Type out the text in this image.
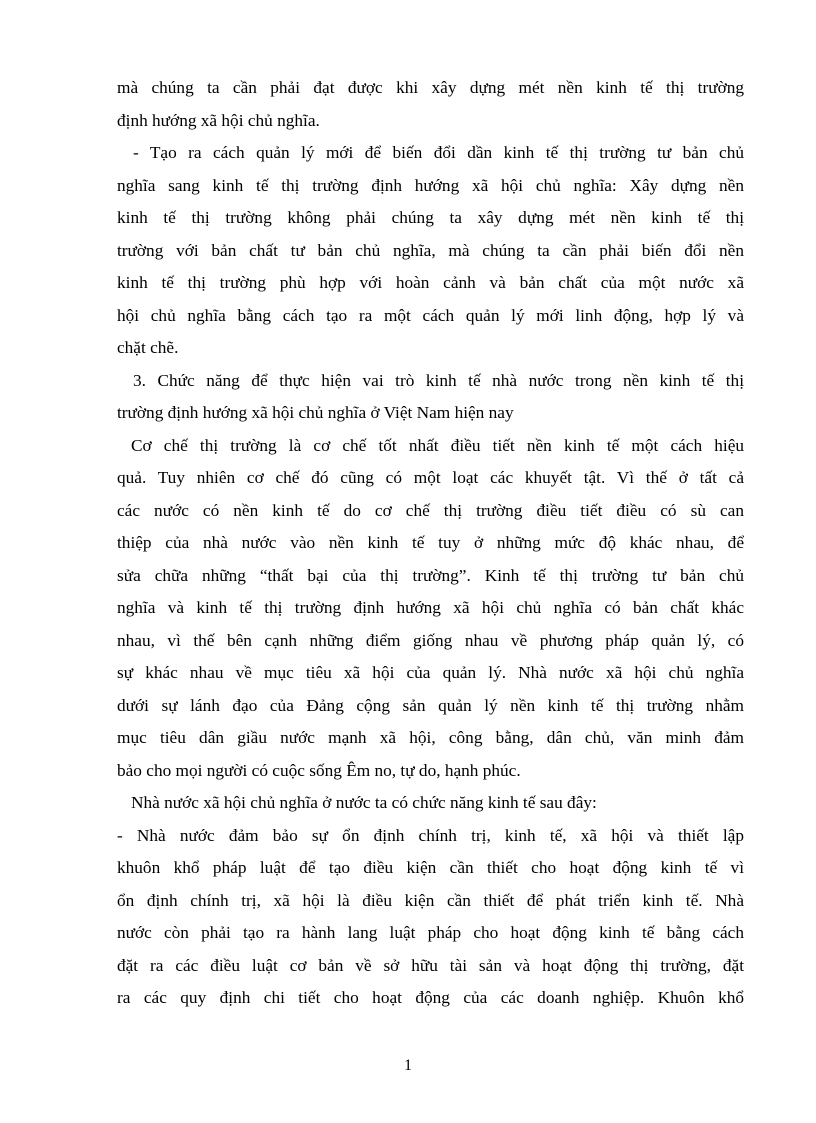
mà chúng ta cần phải đạt được khi xây dựng mét nền kinh tế thị trường
định hướng xã hội chủ nghĩa.
- Tạo ra cách quản lý mới để biến đổi dần kinh tế thị trường tư bản chủ
nghĩa sang kinh tế thị trường định hướng xã hội chủ nghĩa: Xây dựng nền
kinh tế thị trường không phải chúng ta xây dựng mét nền kinh tế thị
trường với bản chất tư bản chủ nghĩa, mà chúng ta cần phải biến đổi nền
kinh tế thị trường phù hợp với hoàn cảnh và bản chất của một nước xã
hội chủ nghĩa bằng cách tạo ra một cách quản lý mới linh động, hợp lý và
chặt chẽ.
3. Chức năng để thực hiện vai trò kinh tế nhà nước trong nền kinh tế thị
trường định hướng xã hội chủ nghĩa ở Việt Nam hiện nay
Cơ chế thị trường là cơ chế tốt nhất điều tiết nền kinh tế một cách hiệu
quả. Tuy nhiên cơ chế đó cũng có một loạt các khuyết tật. Vì thế ở tất cả
các nước có nền kinh tế do cơ chế thị trường điều tiết điều có sù can
thiệp của nhà nước vào nền kinh tế tuy ở những mức độ khác nhau, để
sửa chữa những “thất bại của thị trường”. Kinh tế thị trường tư bản chủ
nghĩa và kinh tế thị trường định hướng xã hội chủ nghĩa có bản chất khác
nhau, vì thế bên cạnh những điểm giống nhau về phương pháp quản lý, có
sự khác nhau về mục tiêu xã hội của quản lý. Nhà nước xã hội chủ nghĩa
dưới sự lánh đạo của Đảng cộng sản quản lý nền kinh tế thị trường nhằm
mục tiêu dân giầu nước mạnh xã hội, công bằng, dân chủ, văn minh đảm
bảo cho mọi người có cuộc sống Êm no, tự do, hạnh phúc.
Nhà nước xã hội chủ nghĩa ở nước ta có chức năng kinh tế sau đây:
- Nhà nước đảm bảo sự ổn định chính trị, kinh tế, xã hội và thiết lập
khuôn khổ pháp luật để tạo điều kiện cần thiết cho hoạt động kinh tế vì
ổn định chính trị, xã hội là điều kiện cần thiết để phát triển kinh tế. Nhà
nước còn phải tạo ra hành lang luật pháp cho hoạt động kinh tế bằng cách
đặt ra các điều luật cơ bản về sở hữu tài sản và hoạt động thị trường, đặt
ra các quy định chi tiết cho hoạt động của các doanh nghiệp. Khuôn khổ
1
